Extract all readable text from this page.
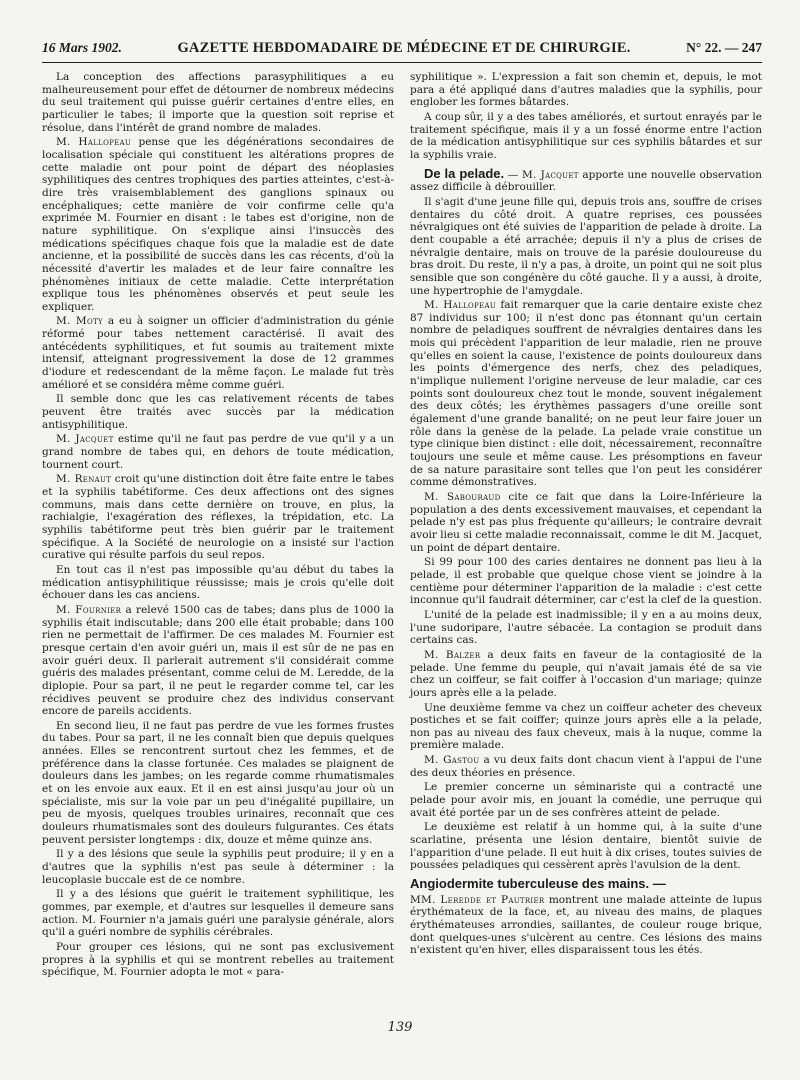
16 Mars 1902.	GAZETTE HEBDOMADAIRE DE MÉDECINE ET DE CHIRURGIE.	N° 22. — 247

La conception des affections parasyphilitiques a eu malheureusement pour effet de détourner de nombreux médecins du seul traitement qui puisse guérir certaines d'entre elles, en particulier le tabes; il importe que la question soit reprise et résolue, dans l'intérêt de grand nombre de malades.

M. Hallopeau pense que les dégénérations secondaires de localisation spéciale qui constituent les altérations propres de cette maladie ont pour point de départ des néoplasies syphilitiques des centres trophiques des parties atteintes, c'est-à-dire très vraisemblablement des ganglions spinaux ou encéphaliques; cette manière de voir confirme celle qu'a exprimée M. Fournier en disant : le tabes est d'origine, non de nature syphilitique. On s'explique ainsi l'insuccès des médications spécifiques chaque fois que la maladie est de date ancienne, et la possibilité de succès dans les cas récents, d'où la nécessité d'avertir les malades et de leur faire connaître les phénomènes initiaux de cette maladie. Cette interprétation explique tous les phénomènes observés et peut seule les expliquer.

M. Moty a eu à soigner un officier d'administration du génie réformé pour tabes nettement caractérisé. Il avait des antécédents syphilitiques, et fut soumis au traitement mixte intensif, atteignant progressivement la dose de 12 grammes d'iodure et redescendant de la même façon. Le malade fut très amélioré et se considéra même comme guéri.

Il semble donc que les cas relativement récents de tabes peuvent être traités avec succès par la médication antisyphilitique.

M. Jacquet estime qu'il ne faut pas perdre de vue qu'il y a un grand nombre de tabes qui, en dehors de toute médication, tournent court.

M. Renaut croit qu'une distinction doit être faite entre le tabes et la syphilis tabétiforme. Ces deux affections ont des signes communs, mais dans cette dernière on trouve, en plus, la rachialgie, l'exagération des réflexes, la trépidation, etc. La syphilis tabétiforme peut très bien guérir par le traitement spécifique. A la Société de neurologie on a insisté sur l'action curative qui résulte parfois du seul repos.

En tout cas il n'est pas impossible qu'au début du tabes la médication antisyphilitique réussisse; mais je crois qu'elle doit échouer dans les cas anciens.

M. Fournier a relevé 1500 cas de tabes; dans plus de 1000 la syphilis était indiscutable; dans 200 elle était probable; dans 100 rien ne permettait de l'affirmer. De ces malades M. Fournier est presque certain d'en avoir guéri un, mais il est sûr de ne pas en avoir guéri deux. Il parlerait autrement s'il considérait comme guéris des malades présentant, comme celui de M. Leredde, de la diplopie. Pour sa part, il ne peut le regarder comme tel, car les récidives peuvent se produire chez des individus conservant encore de pareils accidents.

En second lieu, il ne faut pas perdre de vue les formes frustes du tabes. Pour sa part, il ne les connaît bien que depuis quelques années. Elles se rencontrent surtout chez les femmes, et de préférence dans la classe fortunée. Ces malades se plaignent de douleurs dans les jambes; on les regarde comme rhumatismales et on les envoie aux eaux. Et il en est ainsi jusqu'au jour où un spécialiste, mis sur la voie par un peu d'inégalité pupillaire, un peu de myosis, quelques troubles urinaires, reconnaît que ces douleurs rhumatismales sont des douleurs fulgurantes. Ces états peuvent persister longtemps : dix, douze et même quinze ans.

Il y a des lésions que seule la syphilis peut produire; il y en a d'autres que la syphilis n'est pas seule à déterminer : la leucoplasie buccale est de ce nombre.

Il y a des lésions que guérit le traitement syphilitique, les gommes, par exemple, et d'autres sur lesquelles il demeure sans action. M. Fournier n'a jamais guéri une paralysie générale, alors qu'il a guéri nombre de syphilis cérébrales.

Pour grouper ces lésions, qui ne sont pas exclusivement propres à la syphilis et qui se montrent rebelles au traitement spécifique, M. Fournier adopta le mot « para-

syphilitique ». L'expression a fait son chemin et, depuis, le mot para a été appliqué dans d'autres maladies que la syphilis, pour englober les formes bâtardes.

A coup sûr, il y a des tabes améliorés, et surtout enrayés par le traitement spécifique, mais il y a un fossé énorme entre l'action de la médication antisyphilitique sur ces syphilis bâtardes et sur la syphilis vraie.

De la pelade. — M. Jacquet apporte une nouvelle observation assez difficile à débrouiller.

Il s'agit d'une jeune fille qui, depuis trois ans, souffre de crises dentaires du côté droit. A quatre reprises, ces poussées névralgiques ont été suivies de l'apparition de pelade à droite. La dent coupable a été arrachée; depuis il n'y a plus de crises de névralgie dentaire, mais on trouve de la parésie douloureuse du bras droit. Du reste, il n'y a pas, à droite, un point qui ne soit plus sensible que son congénère du côté gauche. Il y a aussi, à droite, une hypertrophie de l'amygdale.

M. Hallopeau fait remarquer que la carie dentaire existe chez 87 individus sur 100; il n'est donc pas étonnant qu'un certain nombre de peladiques souffrent de névralgies dentaires dans les mois qui précèdent l'apparition de leur maladie, rien ne prouve qu'elles en soient la cause, l'existence de points douloureux dans les points d'émergence des nerfs, chez des peladiques, n'implique nullement l'origine nerveuse de leur maladie, car ces points sont douloureux chez tout le monde, souvent inégalement des deux côtés; les érythèmes passagers d'une oreille sont également d'une grande banalité; on ne peut leur faire jouer un rôle dans la genèse de la pelade. La pelade vraie constitue un type clinique bien distinct : elle doit, nécessairement, reconnaître toujours une seule et même cause. Les présomptions en faveur de sa nature parasitaire sont telles que l'on peut les considérer comme démonstratives.

M. Sabouraud cite ce fait que dans la Loire-Inférieure la population a des dents excessivement mauvaises, et cependant la pelade n'y est pas plus fréquente qu'ailleurs; le contraire devrait avoir lieu si cette maladie reconnaissait, comme le dit M. Jacquet, un point de départ dentaire.

Si 99 pour 100 des caries dentaires ne donnent pas lieu à la pelade, il est probable que quelque chose vient se joindre à la centième pour déterminer l'apparition de la maladie : c'est cette inconnue qu'il faudrait déterminer, car c'est la clef de la question.

L'unité de la pelade est inadmissible; il y en a au moins deux, l'une sudoripare, l'autre sébacée. La contagion se produit dans certains cas.

M. Balzer a deux faits en faveur de la contagiosité de la pelade. Une femme du peuple, qui n'avait jamais été de sa vie chez un coiffeur, se fait coiffer à l'occasion d'un mariage; quinze jours après elle a la pelade.

Une deuxième femme va chez un coiffeur acheter des cheveux postiches et se fait coiffer; quinze jours après elle a la pelade, non pas au niveau des faux cheveux, mais à la nuque, comme la première malade.

M. Gastou a vu deux faits dont chacun vient à l'appui de l'une des deux théories en présence.

Le premier concerne un séminariste qui a contracté une pelade pour avoir mis, en jouant la comédie, une perruque qui avait été portée par un de ses confrères atteint de pelade.

Le deuxième est relatif à un homme qui, à la suite d'une scarlatine, présenta une lésion dentaire, bientôt suivie de l'apparition d'une pelade. Il eut huit à dix crises, toutes suivies de poussées peladiques qui cessèrent après l'avulsion de la dent.

Angiodermite tuberculeuse des mains. —

MM. Leredde et Pautrier montrent une malade atteinte de lupus érythémateux de la face, et, au niveau des mains, de plaques érythémateuses arrondies, saillantes, de couleur rouge brique, dont quelques-unes s'ulcèrent au centre. Ces lésions des mains n'existent qu'en hiver, elles disparaissent tous les étés.

139
